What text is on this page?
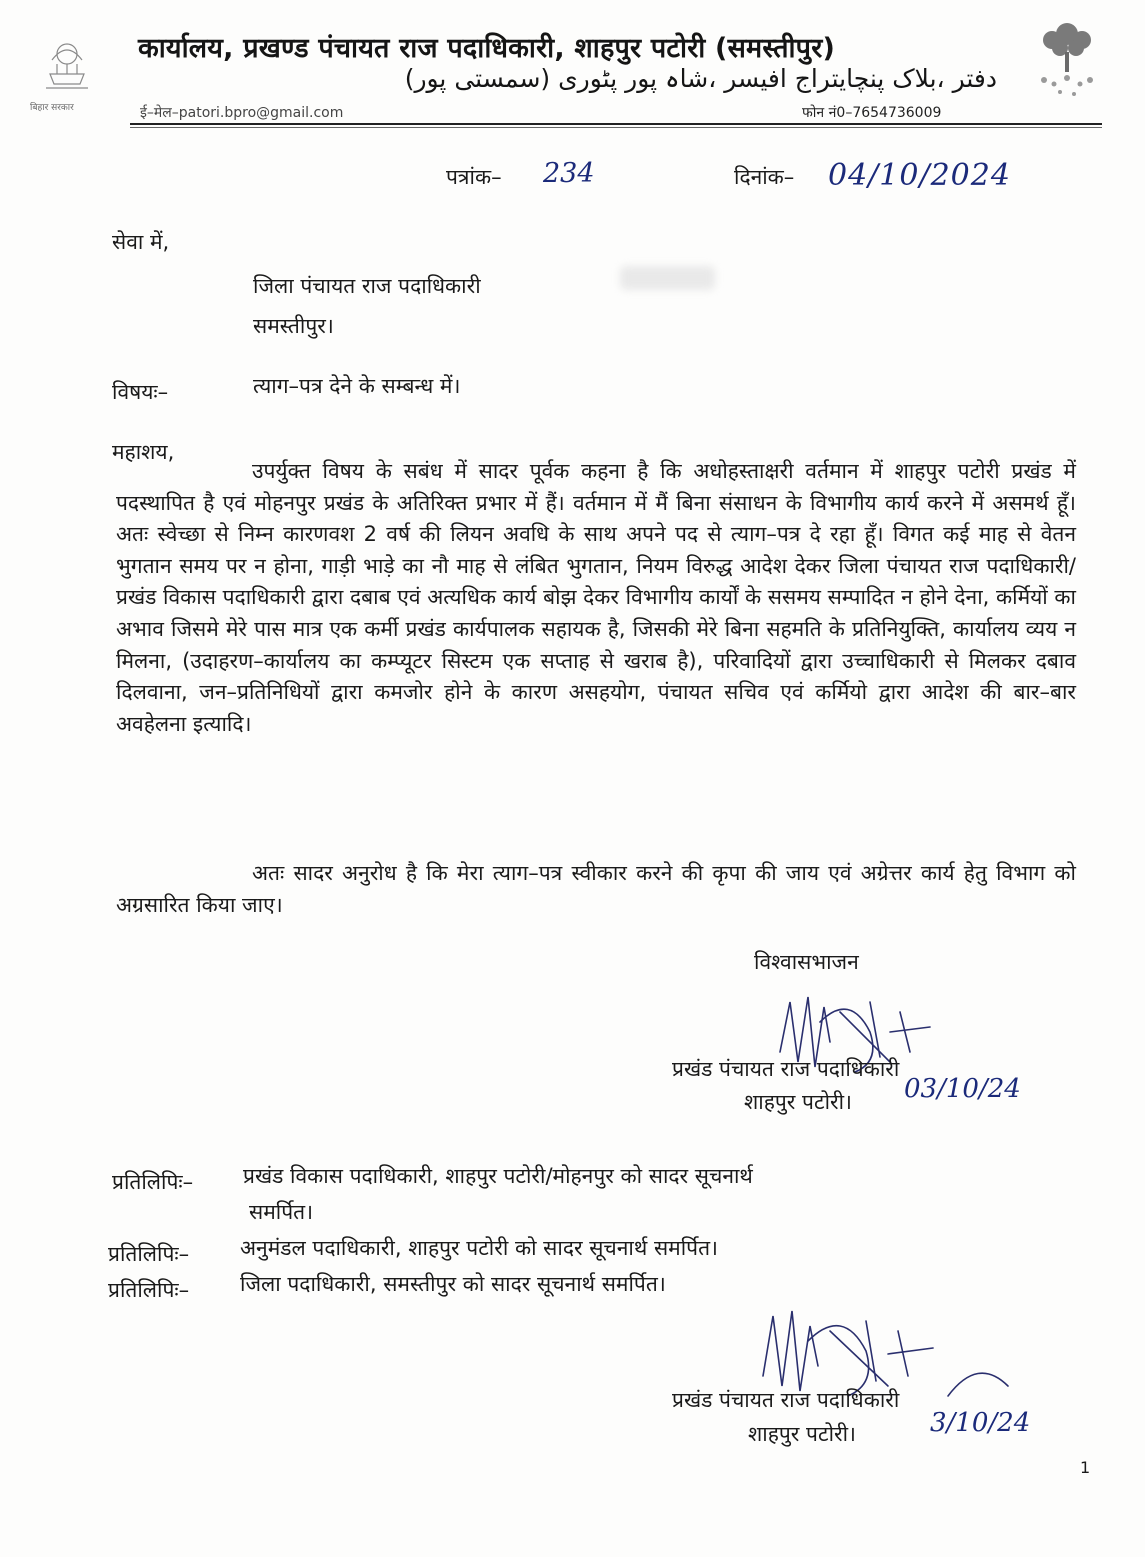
बिहार सरकार
कार्यालय, प्रखण्ड पंचायत राज पदाधिकारी, शाहपुर पटोरी (समस्तीपुर)
دفتر ،بلاک پنچایتراج افیسر ،شاہ پور پٹوری (سمستی پور)
ई–मेल–patori.bpro@gmail.com	फोन नं0–7654736009
पत्रांक– 234	दिनांक– 04/10/2024
सेवा में,
जिला पंचायत राज पदाधिकारी
समस्तीपुर।
विषयः–	त्याग–पत्र देने के सम्बन्ध में।
महाशय,

उपर्युक्त विषय के सबंध में सादर पूर्वक कहना है कि अधोहस्ताक्षरी वर्तमान में शाहपुर पटोरी प्रखंड में पदस्थापित है एवं मोहनपुर प्रखंड के अतिरिक्त प्रभार में हैं। वर्तमान में मैं बिना संसाधन के विभागीय कार्य करने में असमर्थ हूँ। अतः स्वेच्छा से निम्न कारणवश 2 वर्ष की लियन अवधि के साथ अपने पद से त्याग–पत्र दे रहा हूँ। विगत कई माह से वेतन भुगतान समय पर न होना, गाड़ी भाड़े का नौ माह से लंबित भुगतान, नियम विरुद्ध आदेश देकर जिला पंचायत राज पदाधिकारी/प्रखंड विकास पदाधिकारी द्वारा दबाब एवं अत्यधिक कार्य बोझ देकर विभागीय कार्यों के ससमय सम्पादित न होने देना, कर्मियों का अभाव जिसमे मेरे पास मात्र एक कर्मी प्रखंड कार्यपालक सहायक है, जिसकी मेरे बिना सहमति के प्रतिनियुक्ति, कार्यालय व्यय न मिलना, (उदाहरण–कार्यालय का कम्प्यूटर सिस्टम एक सप्ताह से खराब है), परिवादियों द्वारा उच्चाधिकारी से मिलकर दबाव दिलवाना, जन–प्रतिनिधियों द्वारा कमजोर होने के कारण असहयोग, पंचायत सचिव एवं कर्मियो द्वारा आदेश की बार–बार अवहेलना इत्यादि।

अतः सादर अनुरोध है कि मेरा त्याग–पत्र स्वीकार करने की कृपा की जाय एवं अग्रेत्तर कार्य हेतु विभाग को अग्रसारित किया जाए।

विश्वासभाजन
प्रखंड पंचायत राज पदाधिकारी
शाहपुर पटोरी। 03/10/24
प्रतिलिपिः– प्रखंड विकास पदाधिकारी, शाहपुर पटोरी/मोहनपुर को सादर सूचनार्थ
समर्पित।
प्रतिलिपिः– अनुमंडल पदाधिकारी, शाहपुर पटोरी को सादर सूचनार्थ समर्पित।
प्रतिलिपिः– जिला पदाधिकारी, समस्तीपुर को सादर सूचनार्थ समर्पित।
प्रखंड पंचायत राज पदाधिकारी
शाहपुर पटोरी।	3/10/24
1
